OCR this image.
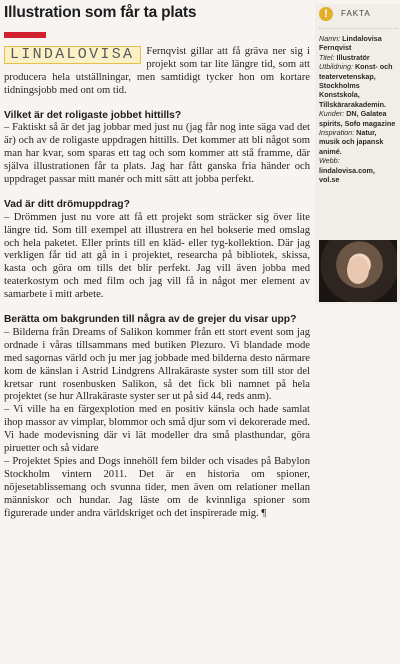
Illustration som får ta plats

LINDALOVISA	Fernqvist gillar att få gräva ner sig i projekt som tar lite längre tid, som att producera hela utställningar, men samtidigt tycker hon om kortare tidningsjobb med ont om tid.

Vilket är det roligaste jobbet hittills?

– Faktiskt så är det jag jobbar med just nu (jag får nog inte säga vad det är) och av de roligaste uppdragen hittills. Det kommer att bli något som man har kvar, som sparas ett tag och som kommer att stå framme, där själva illustrationen får ta plats. Jag har fått ganska fria händer och uppdraget passar mitt manér och mitt sätt att jobba perfekt.

Vad är ditt drömuppdrag?

– Drömmen just nu vore att få ett projekt som sträcker sig över lite längre tid. Som till exempel att illustrera en hel bokserie med omslag och hela paketet. Eller prints till en kläd- eller tyg-kollektion. Där jag verkligen får tid att gå in i projektet, researcha på bibliotek, skissa, kasta och göra om tills det blir perfekt. Jag vill även jobba med teaterkostym och med film och jag vill få in något mer element av samarbete i mitt arbete.

Berätta om bakgrunden till några av de grejer du visar upp?

– Bilderna från Dreams of Salikon kommer från ett stort event som jag ordnade i våras tillsammans med butiken Plezuro. Vi blandade mode med sagornas värld och ju mer jag jobbade med bilderna desto närmare kom de känslan i Astrid Lindgrens Allrakäraste syster som till stor del kretsar runt rosenbusken Salikon, så det fick bli namnet på hela projektet (se hur Allrakäraste syster ser ut på sid 44, reds anm).

– Vi ville ha en färgexplotion med en positiv känsla och hade samlat ihop massor av vimplar, blommor och små djur som vi dekorerade med. Vi hade modevisning där vi lät modeller dra små plasthundar, göra piruetter och så vidare

– Projektet Spies and Dogs innehöll fem bilder och visades på Babylon Stockholm vintern 2011. Det är en historia om spioner, nöjesetablissemang och svunna tider, men även om relationer mellan människor och hundar. Jag läste om de kvinnliga spioner som figurerade under andra världskriget och det inspirerade mig. ¶

!	FAKTA
Namn: Lindalovisa Fernqvist
Titel: Illustratör
Utbildning: Konst- och teatervetenskap, Stockholms Konstskola, Tillskärarakademin.
Kunder: DN, Galatea spirits, Sofo magazine
Inspiration: Natur, musik och japansk animé.
Webb: lindalovisa.com, vol.se
